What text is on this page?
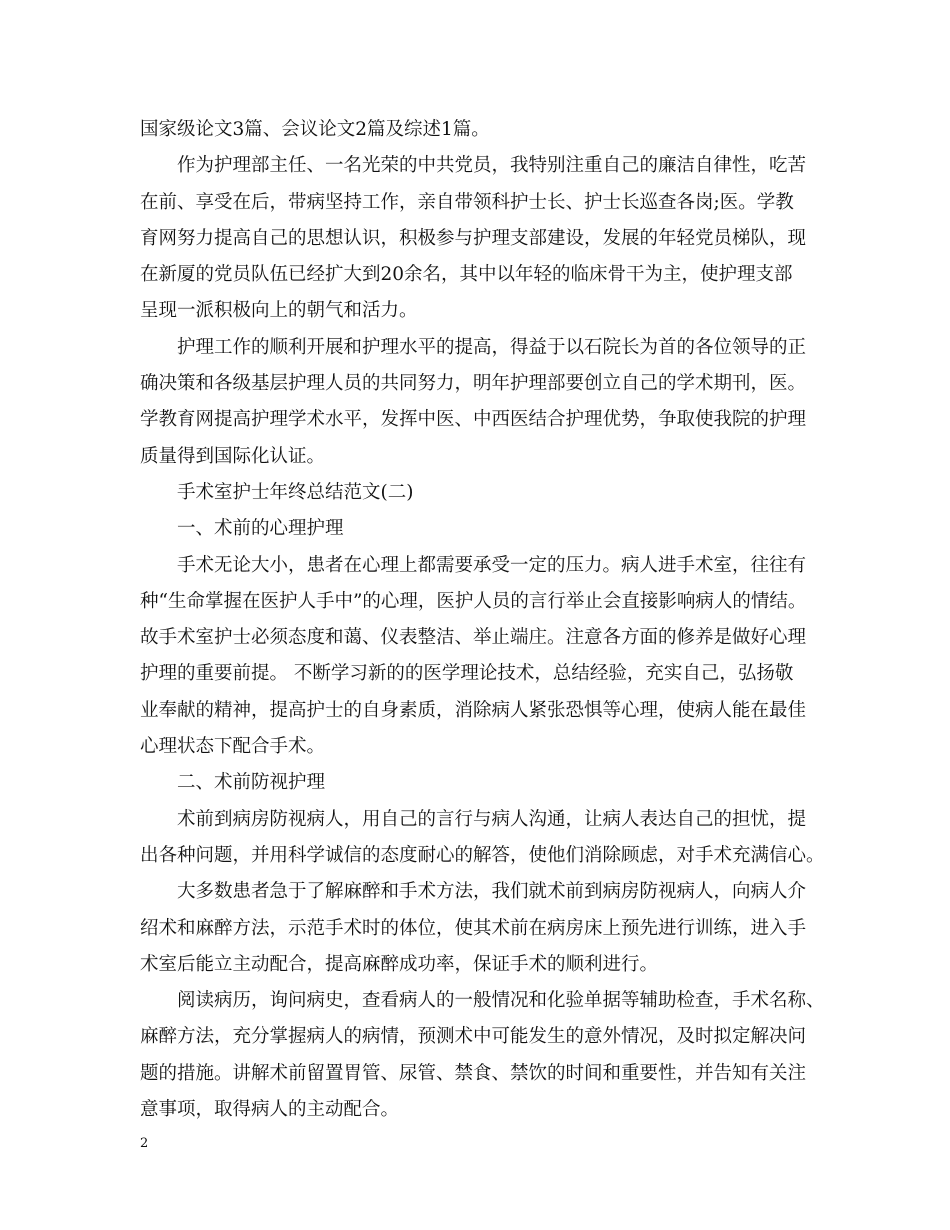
国家级论文3篇、会议论文2篇及综述1篇。
作为护理部主任、一名光荣的中共党员，我特别注重自己的廉洁自律性，吃苦
在前、享受在后，带病坚持工作，亲自带领科护士长、护士长巡查各岗;医。学教
育网努力提高自己的思想认识，积极参与护理支部建设，发展的年轻党员梯队，现
在新厦的党员队伍已经扩大到20余名，其中以年轻的临床骨干为主，使护理支部
呈现一派积极向上的朝气和活力。
护理工作的顺利开展和护理水平的提高，得益于以石院长为首的各位领导的正
确决策和各级基层护理人员的共同努力，明年护理部要创立自己的学术期刊，医。
学教育网提高护理学术水平，发挥中医、中西医结合护理优势，争取使我院的护理
质量得到国际化认证。
手术室护士年终总结范文(二)
一、术前的心理护理
手术无论大小，患者在心理上都需要承受一定的压力。病人进手术室，往往有
种“生命掌握在医护人手中”的心理，医护人员的言行举止会直接影响病人的情结。
故手术室护士必须态度和蔼、仪表整洁、举止端庄。注意各方面的修养是做好心理
护理的重要前提。 不断学习新的的医学理论技术，总结经验，充实自己，弘扬敬
业奉献的精神，提高护士的自身素质，消除病人紧张恐惧等心理，使病人能在最佳
心理状态下配合手术。
二、术前防视护理
术前到病房防视病人，用自己的言行与病人沟通，让病人表达自己的担忧，提
出各种问题，并用科学诚信的态度耐心的解答，使他们消除顾虑，对手术充满信心。
大多数患者急于了解麻醉和手术方法，我们就术前到病房防视病人，向病人介
绍术和麻醉方法，示范手术时的体位，使其术前在病房床上预先进行训练，进入手
术室后能立主动配合，提高麻醉成功率，保证手术的顺利进行。
阅读病历，询问病史，查看病人的一般情况和化验单据等辅助检查，手术名称、
麻醉方法，充分掌握病人的病情，预测术中可能发生的意外情况，及时拟定解决问
题的措施。讲解术前留置胃管、尿管、禁食、禁饮的时间和重要性，并告知有关注
意事项，取得病人的主动配合。
2
